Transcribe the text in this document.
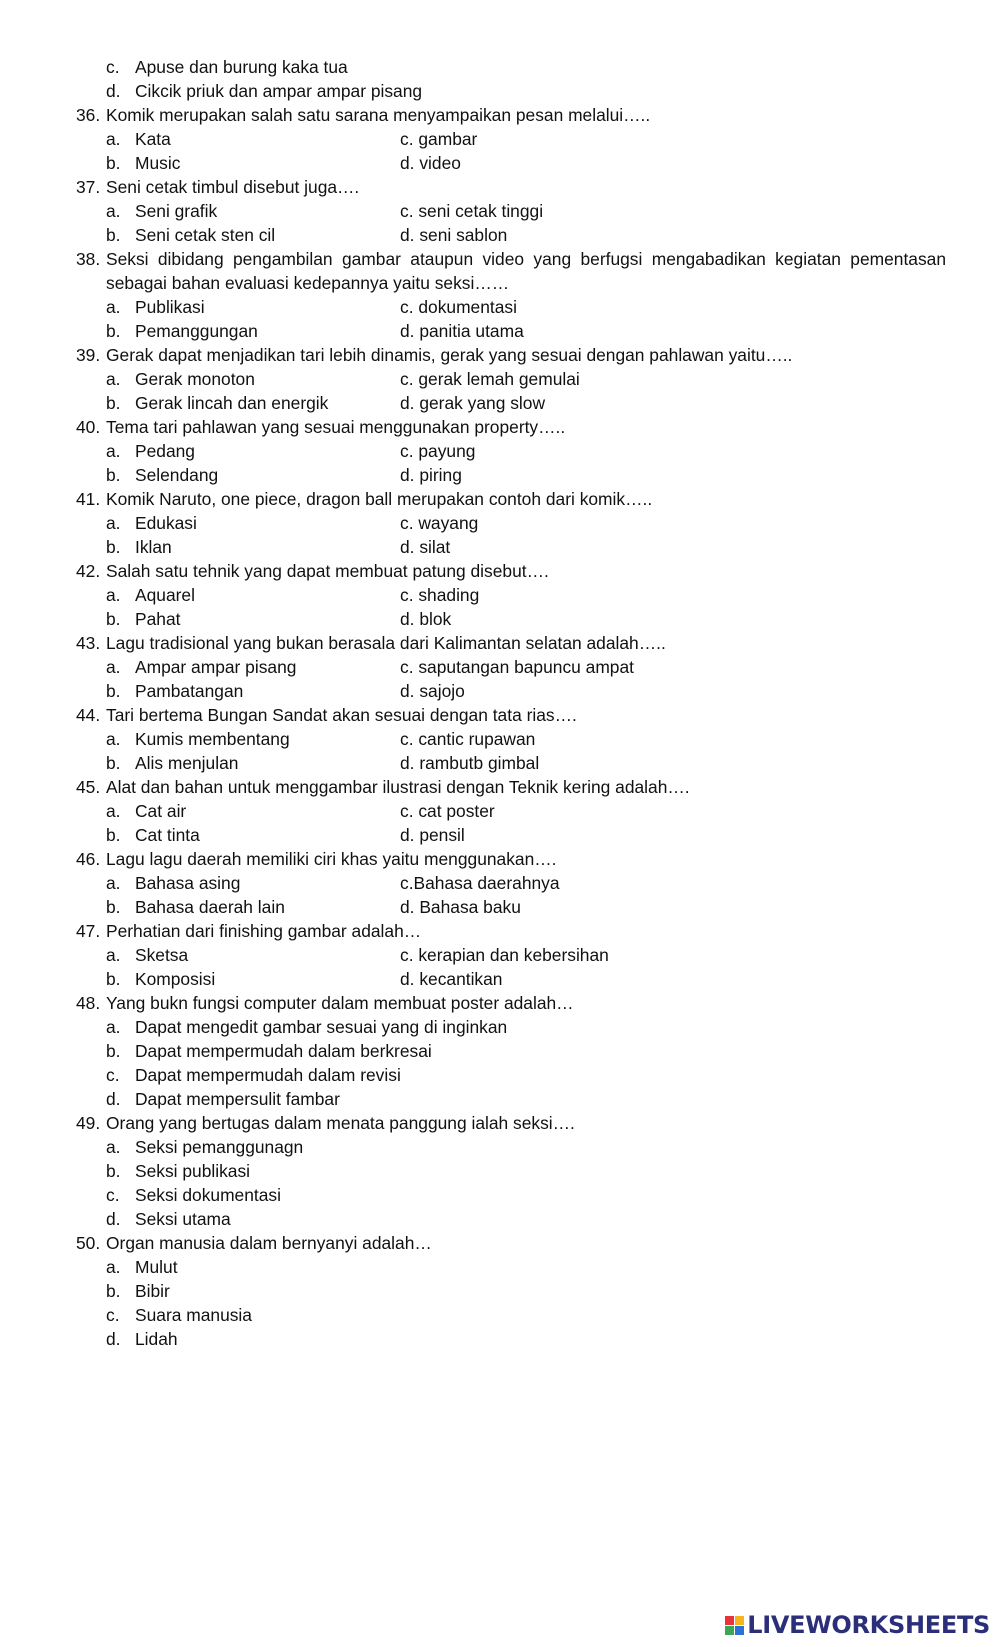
c. Apuse dan burung kaka tua
d. Cikcik priuk dan ampar ampar pisang
36. Komik merupakan salah satu sarana menyampaikan pesan melalui…..
a. Kata	c. gambar
b. Music	d. video
37. Seni cetak timbul disebut juga….
a. Seni grafik	c. seni cetak tinggi
b. Seni cetak sten cil	d. seni sablon
38. Seksi dibidang pengambilan gambar ataupun video yang berfugsi mengabadikan kegiatan pementasan
sebagai bahan evaluasi kedepannya yaitu seksi……
a. Publikasi	c. dokumentasi
b. Pemanggungan	d. panitia utama
39. Gerak dapat menjadikan tari lebih dinamis, gerak yang sesuai dengan pahlawan yaitu…..
a. Gerak monoton	c. gerak lemah gemulai
b. Gerak lincah dan energik	d. gerak yang slow
40. Tema tari pahlawan yang sesuai menggunakan property…..
a. Pedang	c. payung
b. Selendang	d. piring
41. Komik Naruto, one piece, dragon ball merupakan contoh dari komik…..
a. Edukasi	c. wayang
b. Iklan	d. silat
42. Salah satu tehnik yang dapat membuat patung disebut….
a. Aquarel	c. shading
b. Pahat	d. blok
43. Lagu tradisional yang bukan berasala dari Kalimantan selatan adalah…..
a. Ampar ampar pisang	c. saputangan bapuncu ampat
b. Pambatangan	d. sajojo
44. Tari bertema Bungan Sandat akan sesuai dengan tata rias….
a. Kumis membentang	c. cantic rupawan
b. Alis menjulan	d. rambutb gimbal
45. Alat dan bahan untuk menggambar ilustrasi dengan Teknik kering adalah….
a. Cat air	c. cat poster
b. Cat tinta	d. pensil
46. Lagu lagu daerah memiliki ciri khas yaitu menggunakan….
a. Bahasa asing	c.Bahasa daerahnya
b. Bahasa daerah lain	d. Bahasa baku
47. Perhatian dari finishing gambar adalah…
a. Sketsa	c. kerapian dan kebersihan
b. Komposisi	d. kecantikan
48. Yang bukn fungsi computer dalam membuat poster adalah…
a. Dapat mengedit gambar sesuai yang di inginkan
b. Dapat mempermudah dalam berkresai
c. Dapat mempermudah dalam revisi
d. Dapat mempersulit fambar
49. Orang yang bertugas dalam menata panggung ialah seksi….
a. Seksi pemanggunagn
b. Seksi publikasi
c. Seksi dokumentasi
d. Seksi utama
50. Organ manusia dalam bernyanyi adalah…
a. Mulut
b. Bibir
c. Suara manusia
d. Lidah
LIVEWORKSHEETS
